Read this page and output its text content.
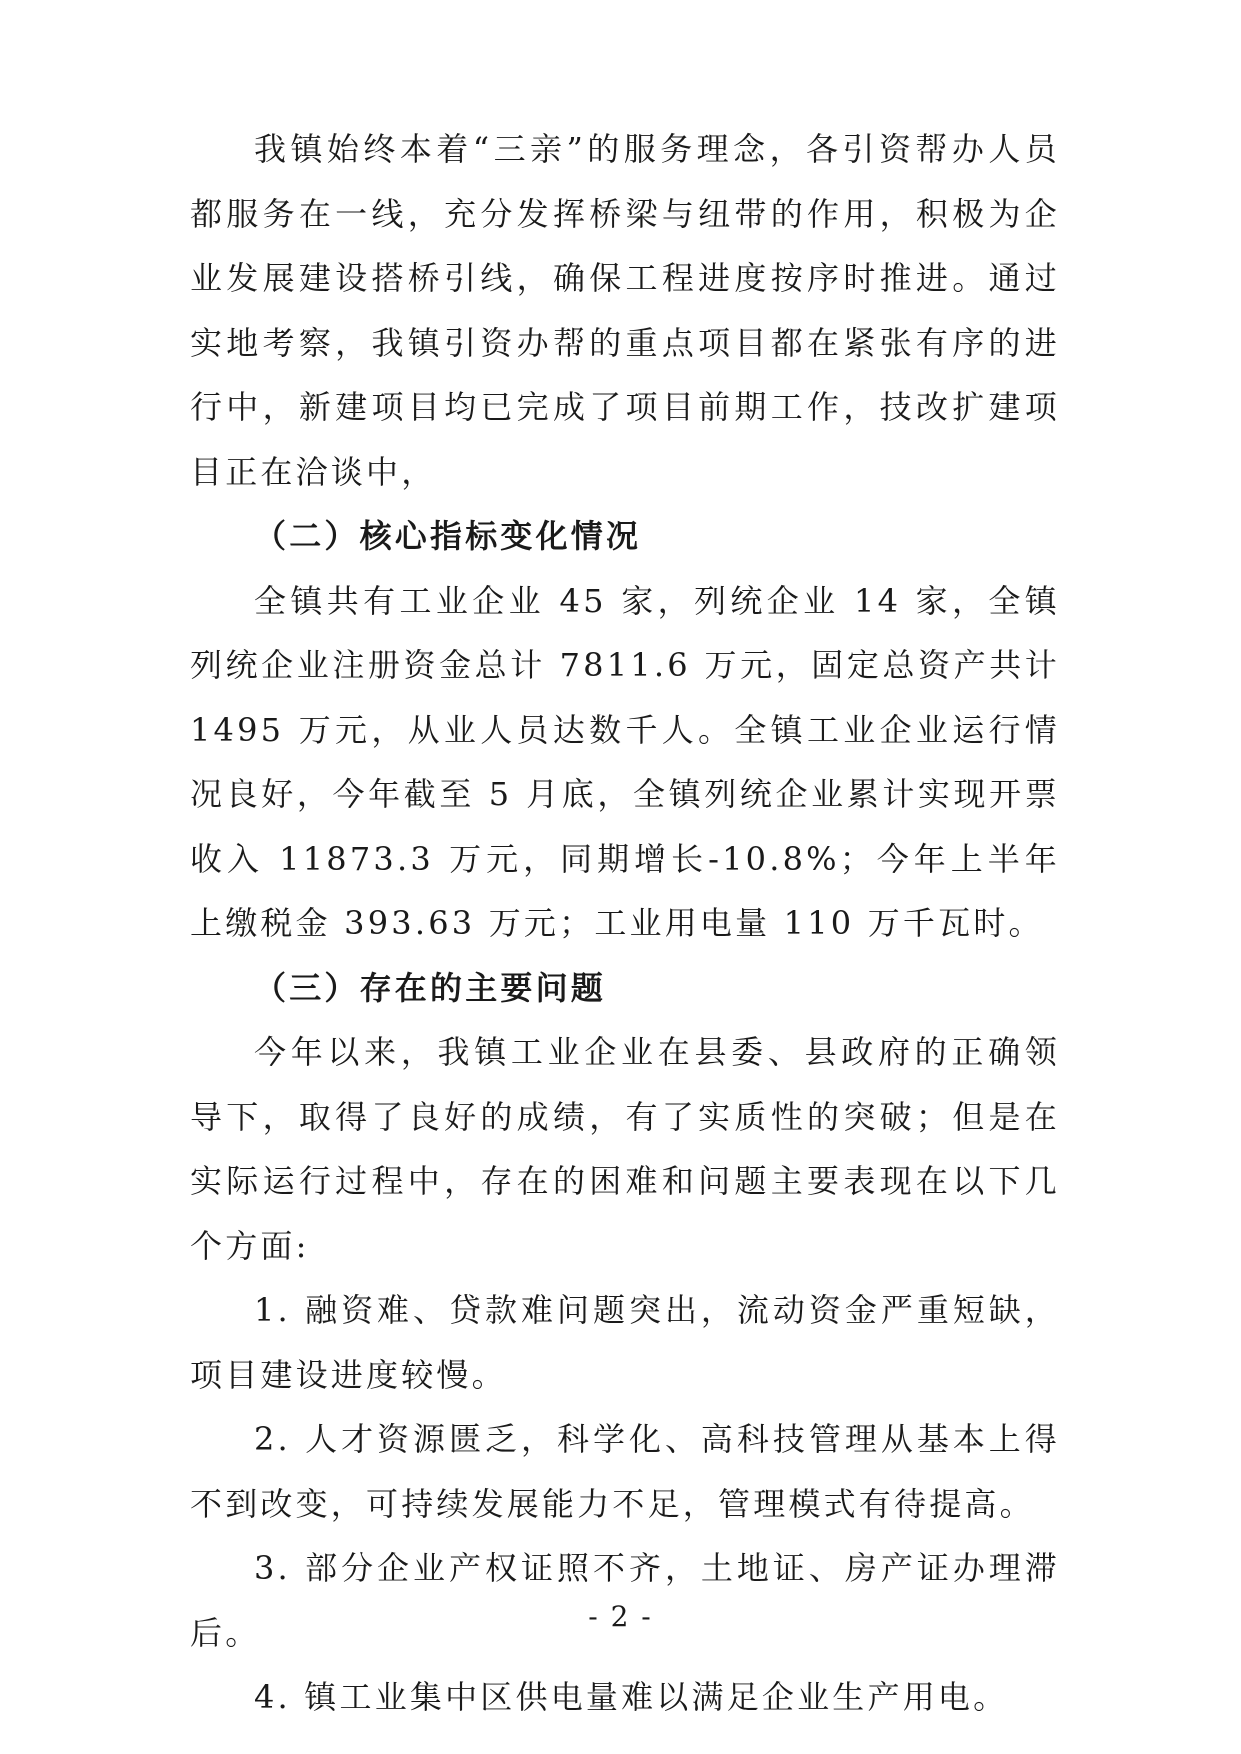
我镇始终本着“三亲”的服务理念，各引资帮办人员都服务在一线，充分发挥桥梁与纽带的作用，积极为企业发展建设搭桥引线，确保工程进度按序时推进。通过实地考察，我镇引资办帮的重点项目都在紧张有序的进行中，新建项目均已完成了项目前期工作，技改扩建项目正在洽谈中，

（二）核心指标变化情况

全镇共有工业企业 45 家，列统企业 14 家，全镇列统企业注册资金总计 7811.6 万元，固定总资产共计 1495 万元，从业人员达数千人。全镇工业企业运行情况良好，今年截至 5 月底，全镇列统企业累计实现开票收入 11873.3 万元，同期增长-10.8%；今年上半年上缴税金 393.63 万元；工业用电量 110 万千瓦时。

（三）存在的主要问题

今年以来，我镇工业企业在县委、县政府的正确领导下，取得了良好的成绩，有了实质性的突破；但是在实际运行过程中，存在的困难和问题主要表现在以下几个方面:

1. 融资难、贷款难问题突出，流动资金严重短缺，项目建设进度较慢。

2. 人才资源匮乏，科学化、高科技管理从基本上得不到改变，可持续发展能力不足，管理模式有待提高。

3. 部分企业产权证照不齐，土地证、房产证办理滞后。

4. 镇工业集中区供电量难以满足企业生产用电。

- 2 -
